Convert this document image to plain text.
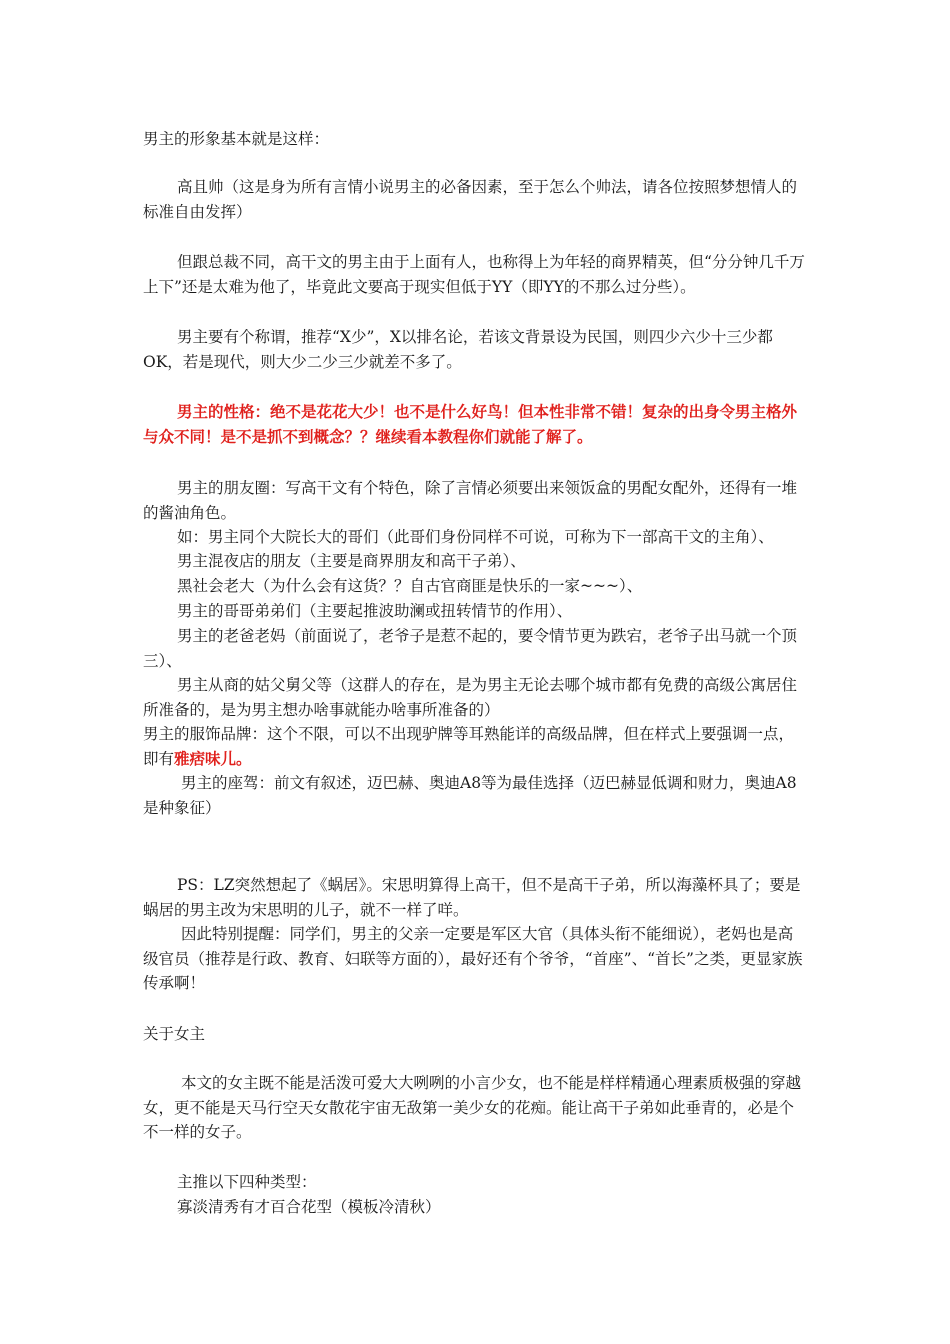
男主的形象基本就是这样：

高且帅（这是身为所有言情小说男主的必备因素，至于怎么个帅法，请各位按照梦想情人的标准自由发挥）

但跟总裁不同，高干文的男主由于上面有人，也称得上为年轻的商界精英，但“分分钟几千万上下”还是太难为他了，毕竟此文要高于现实但低于YY（即YY的不那么过分些）。

男主要有个称谓，推荐“X少”，X以排名论，若该文背景设为民国，则四少六少十三少都OK，若是现代，则大少二少三少就差不多了。

男主的性格：绝不是花花大少！也不是什么好鸟！但本性非常不错！复杂的出身令男主格外与众不同！是不是抓不到概念？？继续看本教程你们就能了解了。

男主的朋友圈：写高干文有个特色，除了言情必须要出来领饭盒的男配女配外，还得有一堆的酱油角色。

如：男主同个大院长大的哥们（此哥们身份同样不可说，可称为下一部高干文的主角）、

男主混夜店的朋友（主要是商界朋友和高干子弟）、

黑社会老大（为什么会有这货？？自古官商匪是快乐的一家~~~）、

男主的哥哥弟弟们（主要起推波助澜或扭转情节的作用）、

男主的老爸老妈（前面说了，老爷子是惹不起的，要令情节更为跌宕，老爷子出马就一个顶三）、

男主从商的姑父舅父等（这群人的存在，是为男主无论去哪个城市都有免费的高级公寓居住所准备的，是为男主想办啥事就能办啥事所准备的）

男主的服饰品牌：这个不限，可以不出现驴牌等耳熟能详的高级品牌，但在样式上要强调一点，即有雅痞味儿。

男主的座驾：前文有叙述，迈巴赫、奥迪A8等为最佳选择（迈巴赫显低调和财力，奥迪A8是种象征）

PS：LZ突然想起了《蜗居》。宋思明算得上高干，但不是高干子弟，所以海藻杯具了；要是蜗居的男主改为宋思明的儿子，就不一样了咩。

因此特别提醒：同学们，男主的父亲一定要是军区大官（具体头衔不能细说），老妈也是高级官员（推荐是行政、教育、妇联等方面的），最好还有个爷爷，“首座”、“首长”之类，更显家族传承啊！

关于女主

本文的女主既不能是活泼可爱大大咧咧的小言少女，也不能是样样精通心理素质极强的穿越女，更不能是天马行空天女散花宇宙无敌第一美少女的花痴。能让高干子弟如此垂青的，必是个不一样的女子。

主推以下四种类型：

寡淡清秀有才百合花型（模板冷清秋）
